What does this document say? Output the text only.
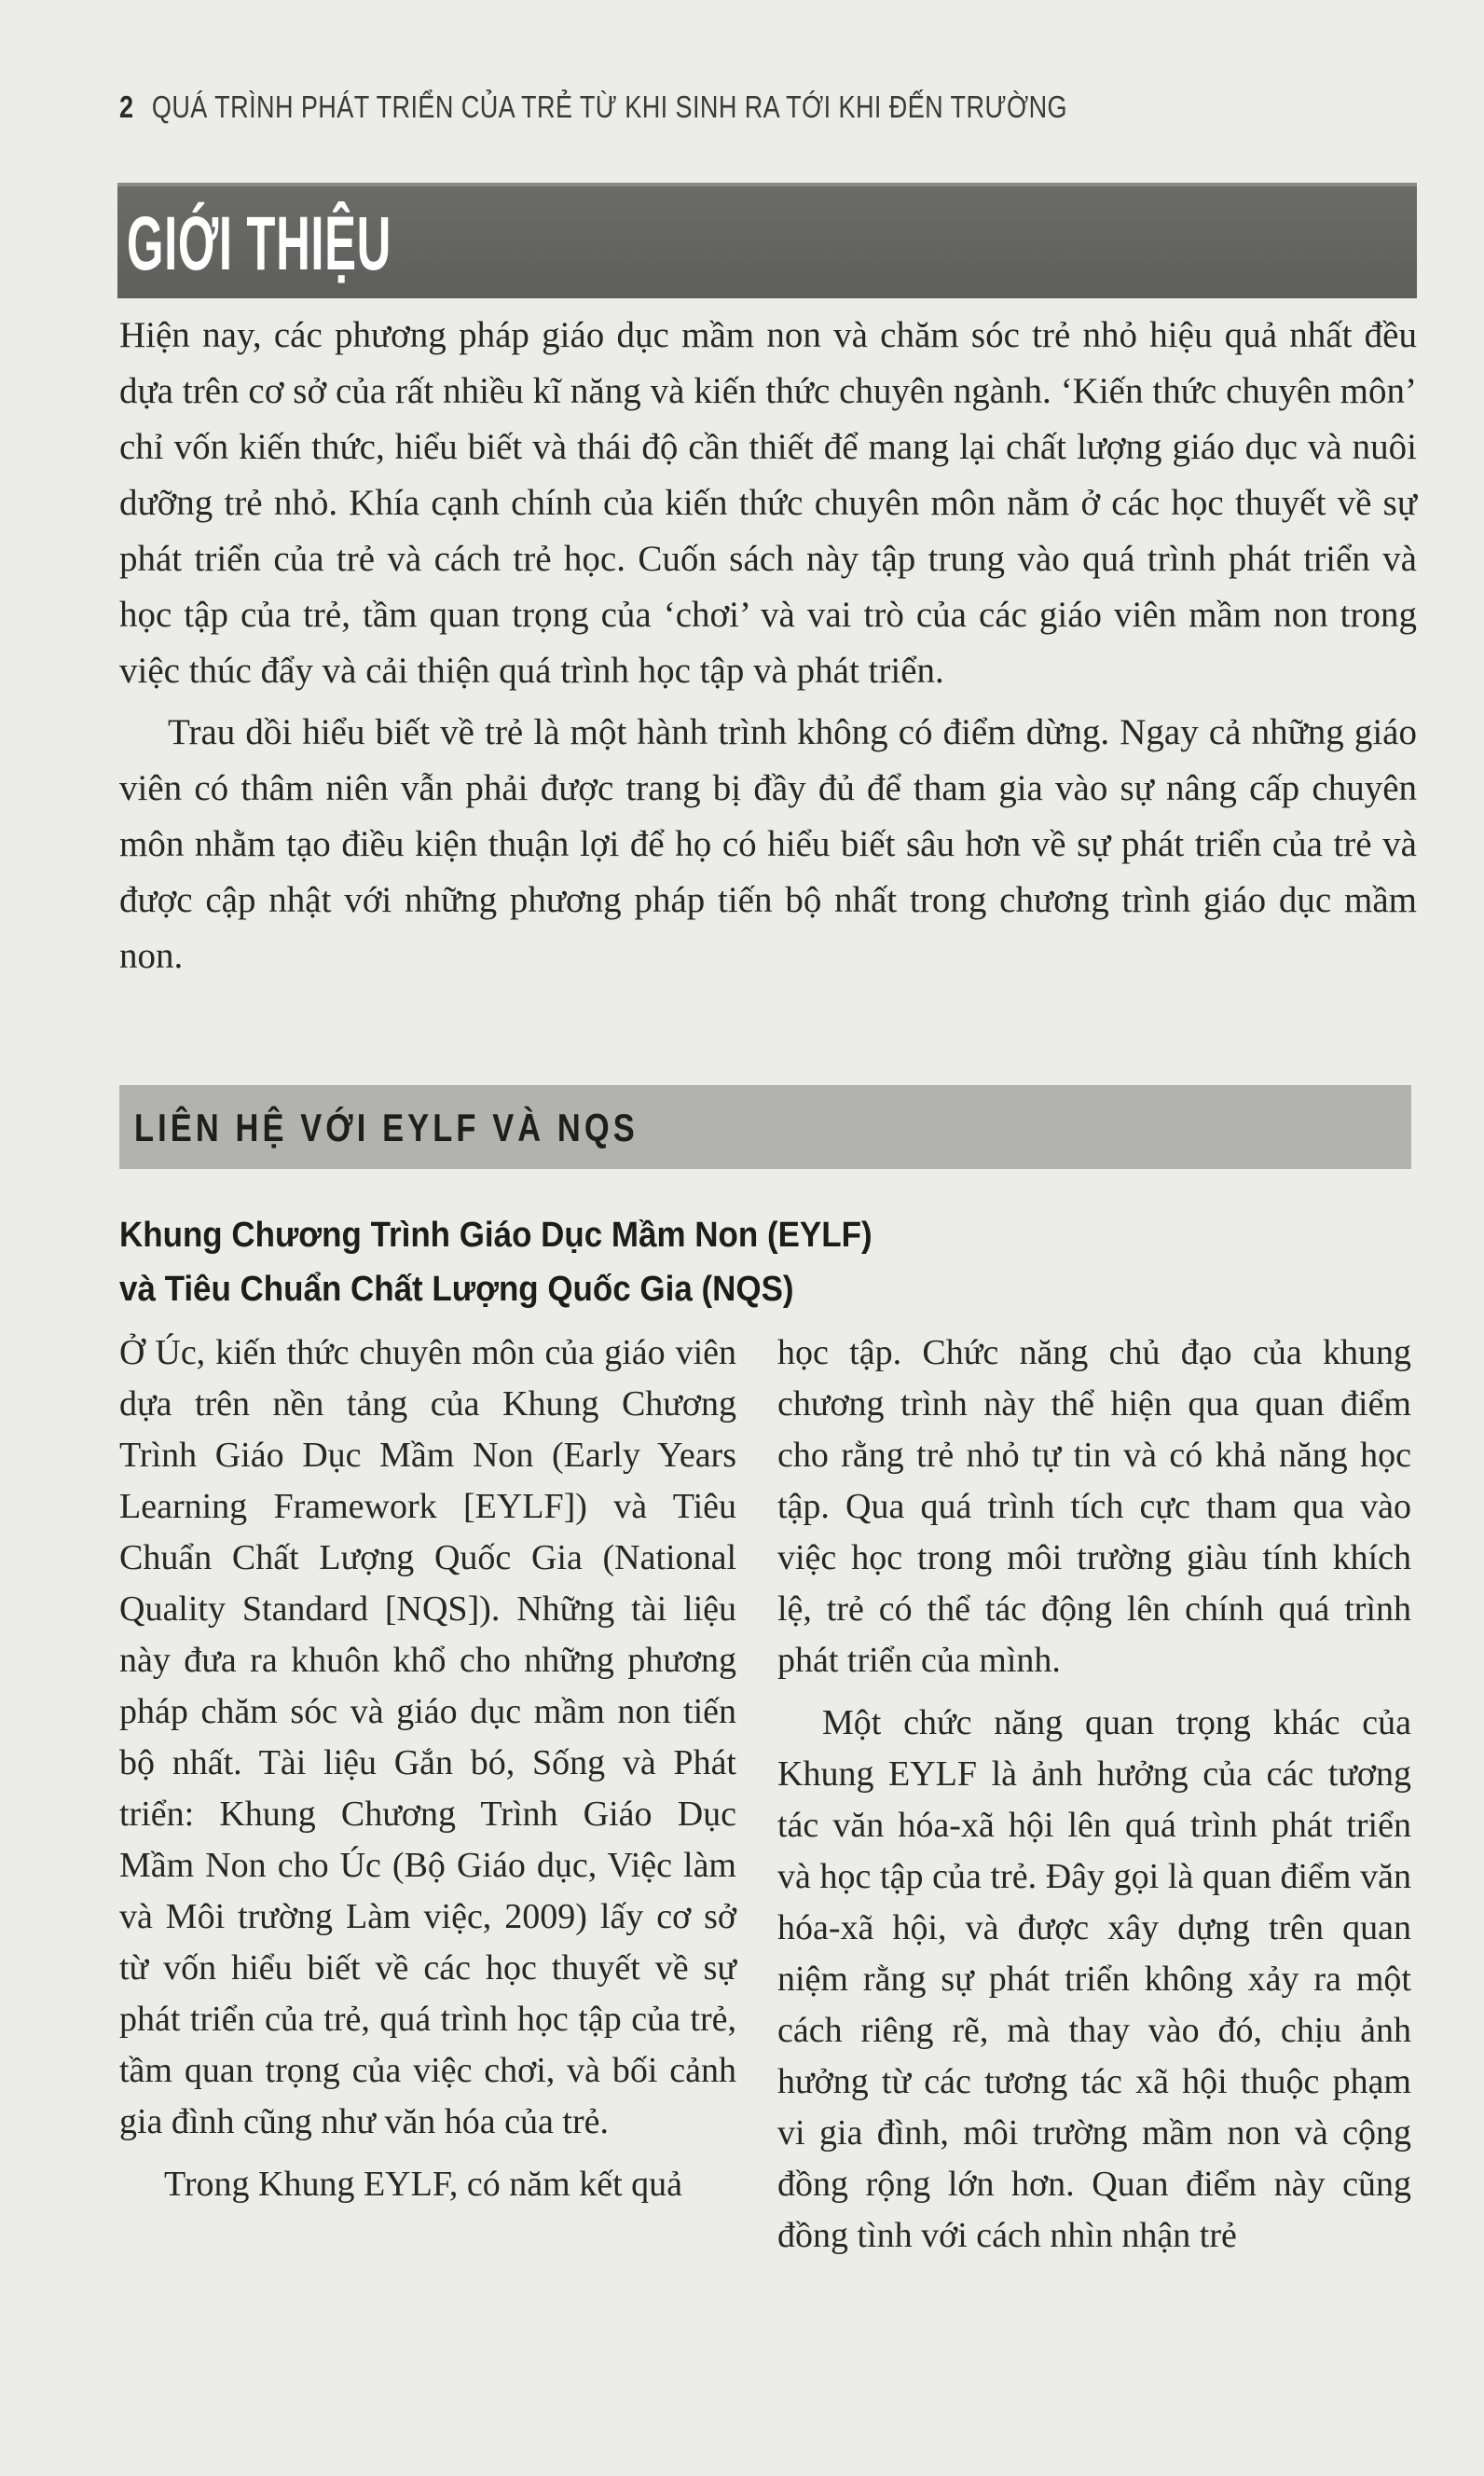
2 QUÁ TRÌNH PHÁT TRIỂN CỦA TRẺ TỪ KHI SINH RA TỚI KHI ĐẾN TRƯỜNG
GIỚI THIỆU

Hiện nay, các phương pháp giáo dục mầm non và chăm sóc trẻ nhỏ hiệu quả nhất đều dựa trên cơ sở của rất nhiều kĩ năng và kiến thức chuyên ngành. ‘Kiến thức chuyên môn’ chỉ vốn kiến thức, hiểu biết và thái độ cần thiết để mang lại chất lượng giáo dục và nuôi dưỡng trẻ nhỏ. Khía cạnh chính của kiến thức chuyên môn nằm ở các học thuyết về sự phát triển của trẻ và cách trẻ học. Cuốn sách này tập trung vào quá trình phát triển và học tập của trẻ, tầm quan trọng của ‘chơi’ và vai trò của các giáo viên mầm non trong việc thúc đẩy và cải thiện quá trình học tập và phát triển.

Trau dồi hiểu biết về trẻ là một hành trình không có điểm dừng. Ngay cả những giáo viên có thâm niên vẫn phải được trang bị đầy đủ để tham gia vào sự nâng cấp chuyên môn nhằm tạo điều kiện thuận lợi để họ có hiểu biết sâu hơn về sự phát triển của trẻ và được cập nhật với những phương pháp tiến bộ nhất trong chương trình giáo dục mầm non.

LIÊN HỆ VỚI EYLF VÀ NQS
Khung Chương Trình Giáo Dục Mầm Non (EYLF)
và Tiêu Chuẩn Chất Lượng Quốc Gia (NQS)

Ở Úc, kiến thức chuyên môn của giáo viên dựa trên nền tảng của Khung Chương Trình Giáo Dục Mầm Non (Early Years Learning Framework [EYLF]) và Tiêu Chuẩn Chất Lượng Quốc Gia (National Quality Standard [NQS]). Những tài liệu này đưa ra khuôn khổ cho những phương pháp chăm sóc và giáo dục mầm non tiến bộ nhất. Tài liệu Gắn bó, Sống và Phát triển: Khung Chương Trình Giáo Dục Mầm Non cho Úc (Bộ Giáo dục, Việc làm và Môi trường Làm việc, 2009) lấy cơ sở từ vốn hiểu biết về các học thuyết về sự phát triển của trẻ, quá trình học tập của trẻ, tầm quan trọng của việc chơi, và bối cảnh gia đình cũng như văn hóa của trẻ.

Trong Khung EYLF, có năm kết quả

học tập. Chức năng chủ đạo của khung chương trình này thể hiện qua quan điểm cho rằng trẻ nhỏ tự tin và có khả năng học tập. Qua quá trình tích cực tham qua vào việc học trong môi trường giàu tính khích lệ, trẻ có thể tác động lên chính quá trình phát triển của mình.

Một chức năng quan trọng khác của Khung EYLF là ảnh hưởng của các tương tác văn hóa-xã hội lên quá trình phát triển và học tập của trẻ. Đây gọi là quan điểm văn hóa-xã hội, và được xây dựng trên quan niệm rằng sự phát triển không xảy ra một cách riêng rẽ, mà thay vào đó, chịu ảnh hưởng từ các tương tác xã hội thuộc phạm vi gia đình, môi trường mầm non và cộng đồng rộng lớn hơn. Quan điểm này cũng đồng tình với cách nhìn nhận trẻ
